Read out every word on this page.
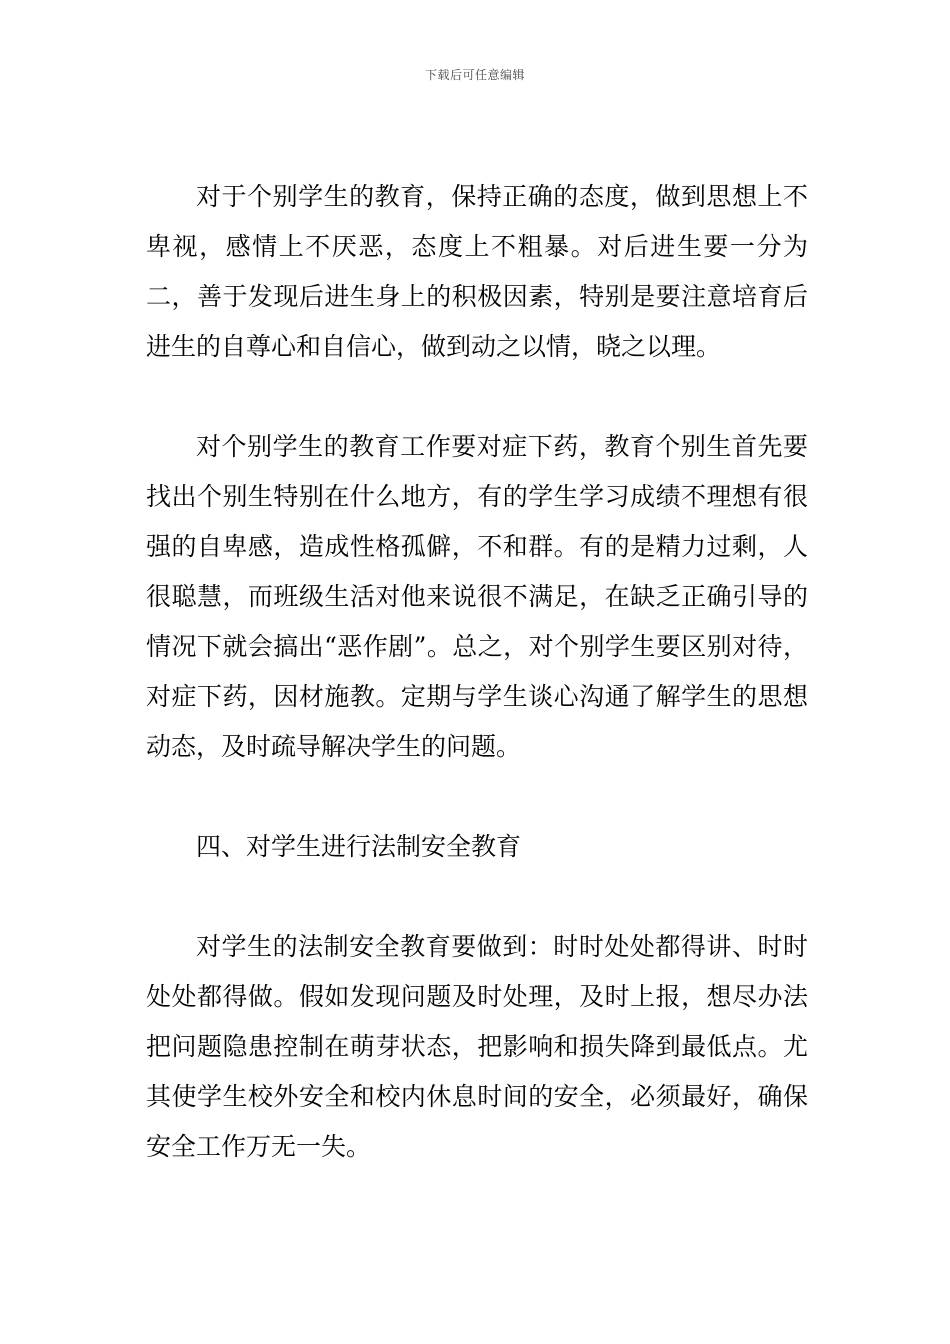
下载后可任意编辑

对于个别学生的教育，保持正确的态度，做到思想上不卑视，感情上不厌恶，态度上不粗暴。对后进生要一分为二，善于发现后进生身上的积极因素，特别是要注意培育后进生的自尊心和自信心，做到动之以情，晓之以理。

对个别学生的教育工作要对症下药，教育个别生首先要找出个别生特别在什么地方，有的学生学习成绩不理想有很强的自卑感，造成性格孤僻，不和群。有的是精力过剩，人很聪慧，而班级生活对他来说很不满足，在缺乏正确引导的情况下就会搞出“恶作剧”。总之，对个别学生要区别对待，对症下药，因材施教。定期与学生谈心沟通了解学生的思想动态，及时疏导解决学生的问题。

四、对学生进行法制安全教育

对学生的法制安全教育要做到：时时处处都得讲、时时处处都得做。假如发现问题及时处理，及时上报，想尽办法把问题隐患控制在萌芽状态，把影响和损失降到最低点。尤其使学生校外安全和校内休息时间的安全，必须最好，确保安全工作万无一失。
